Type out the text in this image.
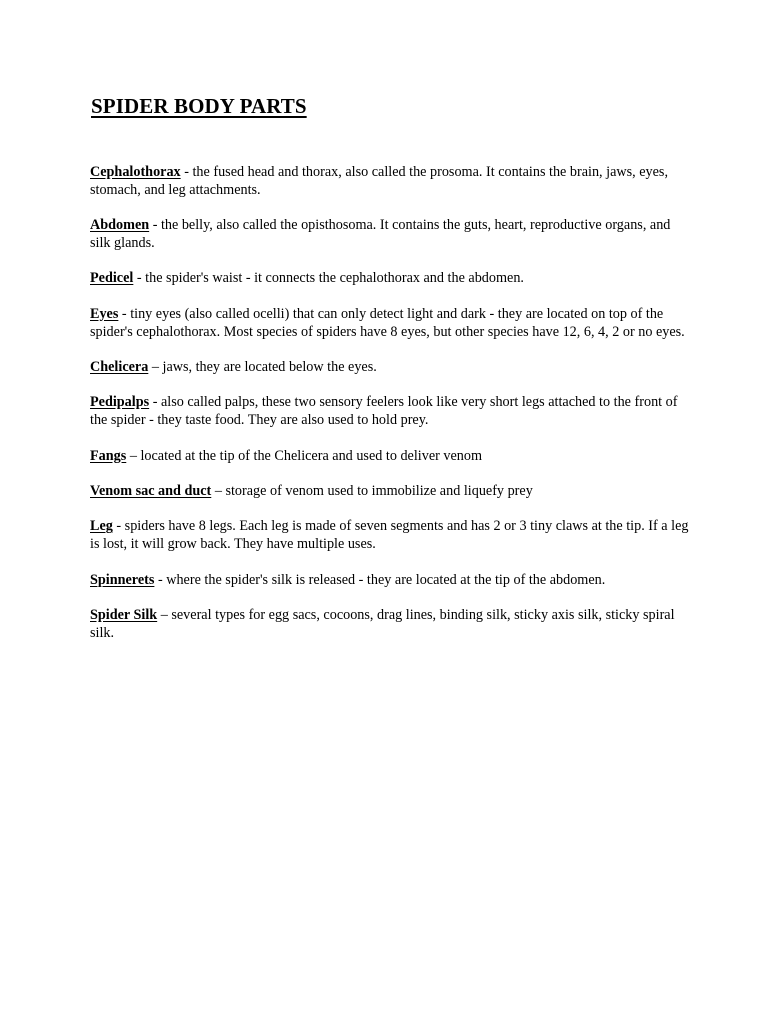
SPIDER BODY PARTS

Cephalothorax - the fused head and thorax, also called the prosoma. It contains the brain, jaws, eyes, stomach, and leg attachments.

Abdomen - the belly, also called the opisthosoma. It contains the guts, heart, reproductive organs, and silk glands.

Pedicel - the spider's waist - it connects the cephalothorax and the abdomen.

Eyes - tiny eyes (also called ocelli) that can only detect light and dark - they are located on top of the spider's cephalothorax. Most species of spiders have 8 eyes, but other species have 12, 6, 4, 2 or no eyes.

Chelicera – jaws, they are located below the eyes.

Pedipalps - also called palps, these two sensory feelers look like very short legs attached to the front of the spider - they taste food. They are also used to hold prey.

Fangs – located at the tip of the Chelicera and used to deliver venom

Venom sac and duct – storage of venom used to immobilize and liquefy prey

Leg - spiders have 8 legs. Each leg is made of seven segments and has 2 or 3 tiny claws at the tip. If a leg is lost, it will grow back. They have multiple uses.

Spinnerets - where the spider's silk is released - they are located at the tip of the abdomen.

Spider Silk – several types for egg sacs, cocoons, drag lines, binding silk, sticky axis silk, sticky spiral silk.
